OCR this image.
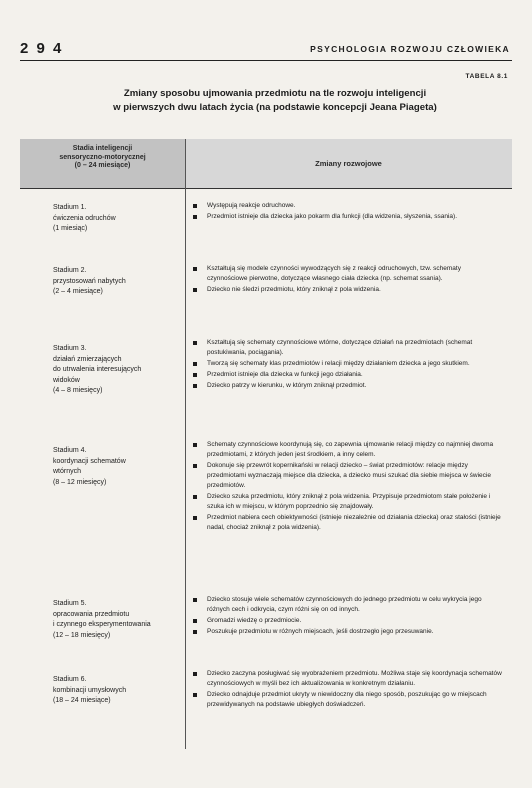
2 9 4	PSYCHOLOGIA ROZWOJU CZŁOWIEKA
TABELA 8.1
Zmiany sposobu ujmowania przedmiotu na tle rozwoju inteligencji
w pierwszych dwu latach życia (na podstawie koncepcji Jeana Piageta)
Stadia inteligencji
sensoryczno-motorycznej
(0 – 24 miesiące)	Zmiany rozwojowe
Stadium 1.
ćwiczenia odruchów
(1 miesiąc)
Występują reakcje odruchowe.
Przedmiot istnieje dla dziecka jako pokarm dla funkcji (dla widzenia, słyszenia, ssania).
Stadium 2.
przystosowań nabytych
(2 – 4 miesiące)
Kształtują się modele czynności wywodzących się z reakcji odruchowych, tzw. schematy czynnościowe pierwotne, dotyczące własnego ciała dziecka (np. schemat ssania).
Dziecko nie śledzi przedmiotu, który zniknął z pola widzenia.
Stadium 3.
działań zmierzających
do utrwalenia interesujących
widoków
(4 – 8 miesięcy)
Kształtują się schematy czynnościowe wtórne, dotyczące działań na przedmiotach (schemat postukiwania, pociągania).
Tworzą się schematy klas przedmiotów i relacji między działaniem dziecka a jego skutkiem.
Przedmiot istnieje dla dziecka w funkcji jego działania.
Dziecko patrzy w kierunku, w którym zniknął przedmiot.
Stadium 4.
koordynacji schematów
wtórnych
(8 – 12 miesięcy)
Schematy czynnościowe koordynują się, co zapewnia ujmowanie relacji między co najmniej dwoma przedmiotami, z których jeden jest środkiem, a inny celem.
Dokonuje się przewrót kopernikański w relacji dziecko – świat przedmiotów: relacje między przedmiotami wyznaczają miejsce dla dziecka, a dziecko musi szukać dla siebie miejsca w świecie przedmiotów.
Dziecko szuka przedmiotu, który zniknął z pola widzenia. Przypisuje przedmiotom stałe położenie i szuka ich w miejscu, w którym poprzednio się znajdowały.
Przedmiot nabiera cech obiektywności (istnieje niezależnie od działania dziecka) oraz stałości (istnieje nadal, chociaż zniknął z pola widzenia).
Stadium 5.
opracowania przedmiotu
i czynnego eksperymentowania
(12 – 18 miesięcy)
Dziecko stosuje wiele schematów czynnościowych do jednego przedmiotu w celu wykrycia jego różnych cech i odkrycia, czym różni się on od innych.
Gromadzi wiedzę o przedmiocie.
Poszukuje przedmiotu w różnych miejscach, jeśli dostrzegło jego przesuwanie.
Stadium 6.
kombinacji umysłowych
(18 – 24 miesiące)
Dziecko zaczyna posługiwać się wyobrażeniem przedmiotu. Możliwa staje się koordynacja schematów czynnościowych w myśli bez ich aktualizowania w konkretnym działaniu.
Dziecko odnajduje przedmiot ukryty w niewidoczny dla niego sposób, poszukując go w miejscach przewidywanych na podstawie ubiegłych doświadczeń.
